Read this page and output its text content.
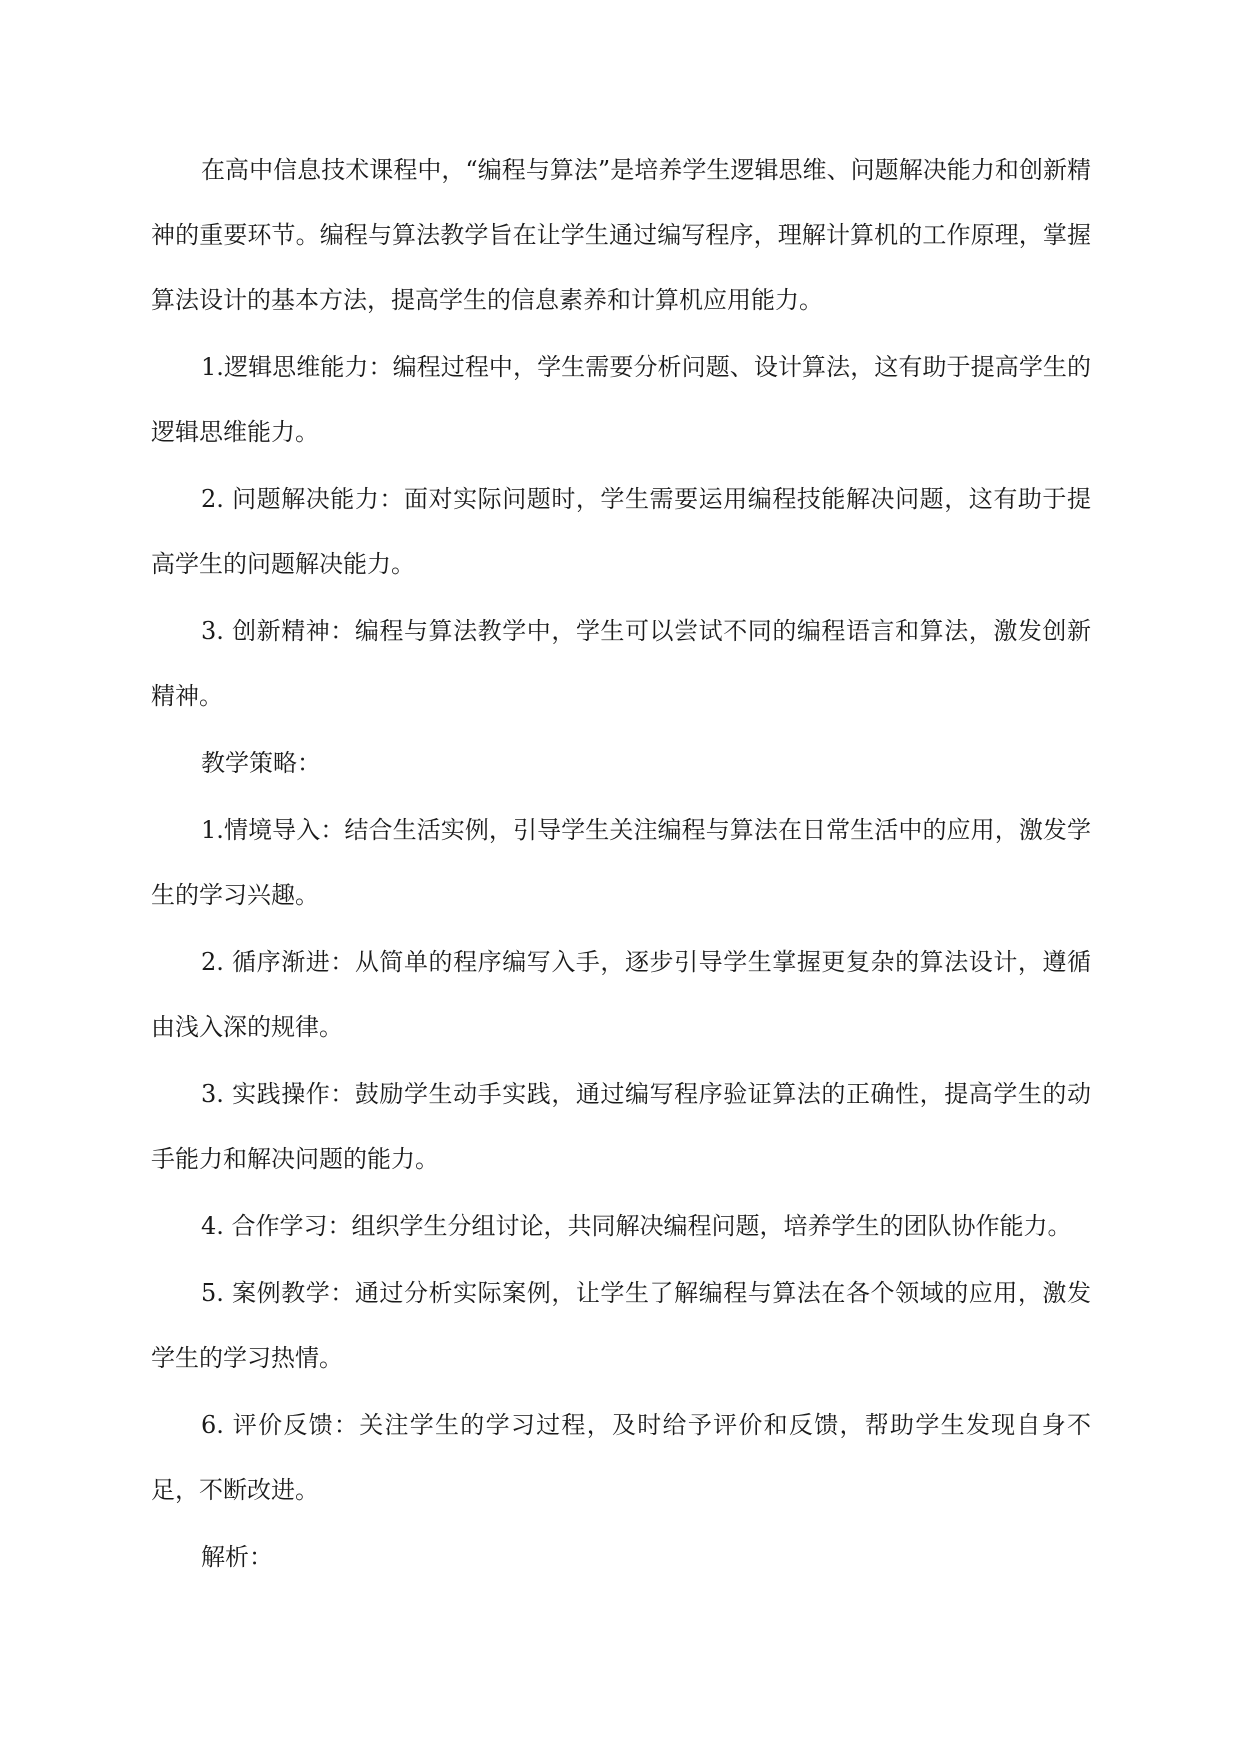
在高中信息技术课程中，“编程与算法”是培养学生逻辑思维、问题解决能力和创新精神的重要环节。编程与算法教学旨在让学生通过编写程序，理解计算机的工作原理，掌握算法设计的基本方法，提高学生的信息素养和计算机应用能力。

1.逻辑思维能力：编程过程中，学生需要分析问题、设计算法，这有助于提高学生的逻辑思维能力。

2. 问题解决能力：面对实际问题时，学生需要运用编程技能解决问题，这有助于提高学生的问题解决能力。

3. 创新精神：编程与算法教学中，学生可以尝试不同的编程语言和算法，激发创新精神。

教学策略：

1.情境导入：结合生活实例，引导学生关注编程与算法在日常生活中的应用，激发学生的学习兴趣。

2. 循序渐进：从简单的程序编写入手，逐步引导学生掌握更复杂的算法设计，遵循由浅入深的规律。

3. 实践操作：鼓励学生动手实践，通过编写程序验证算法的正确性，提高学生的动手能力和解决问题的能力。

4. 合作学习：组织学生分组讨论，共同解决编程问题，培养学生的团队协作能力。

5. 案例教学：通过分析实际案例，让学生了解编程与算法在各个领域的应用，激发学生的学习热情。

6. 评价反馈：关注学生的学习过程，及时给予评价和反馈，帮助学生发现自身不足，不断改进。

解析：
